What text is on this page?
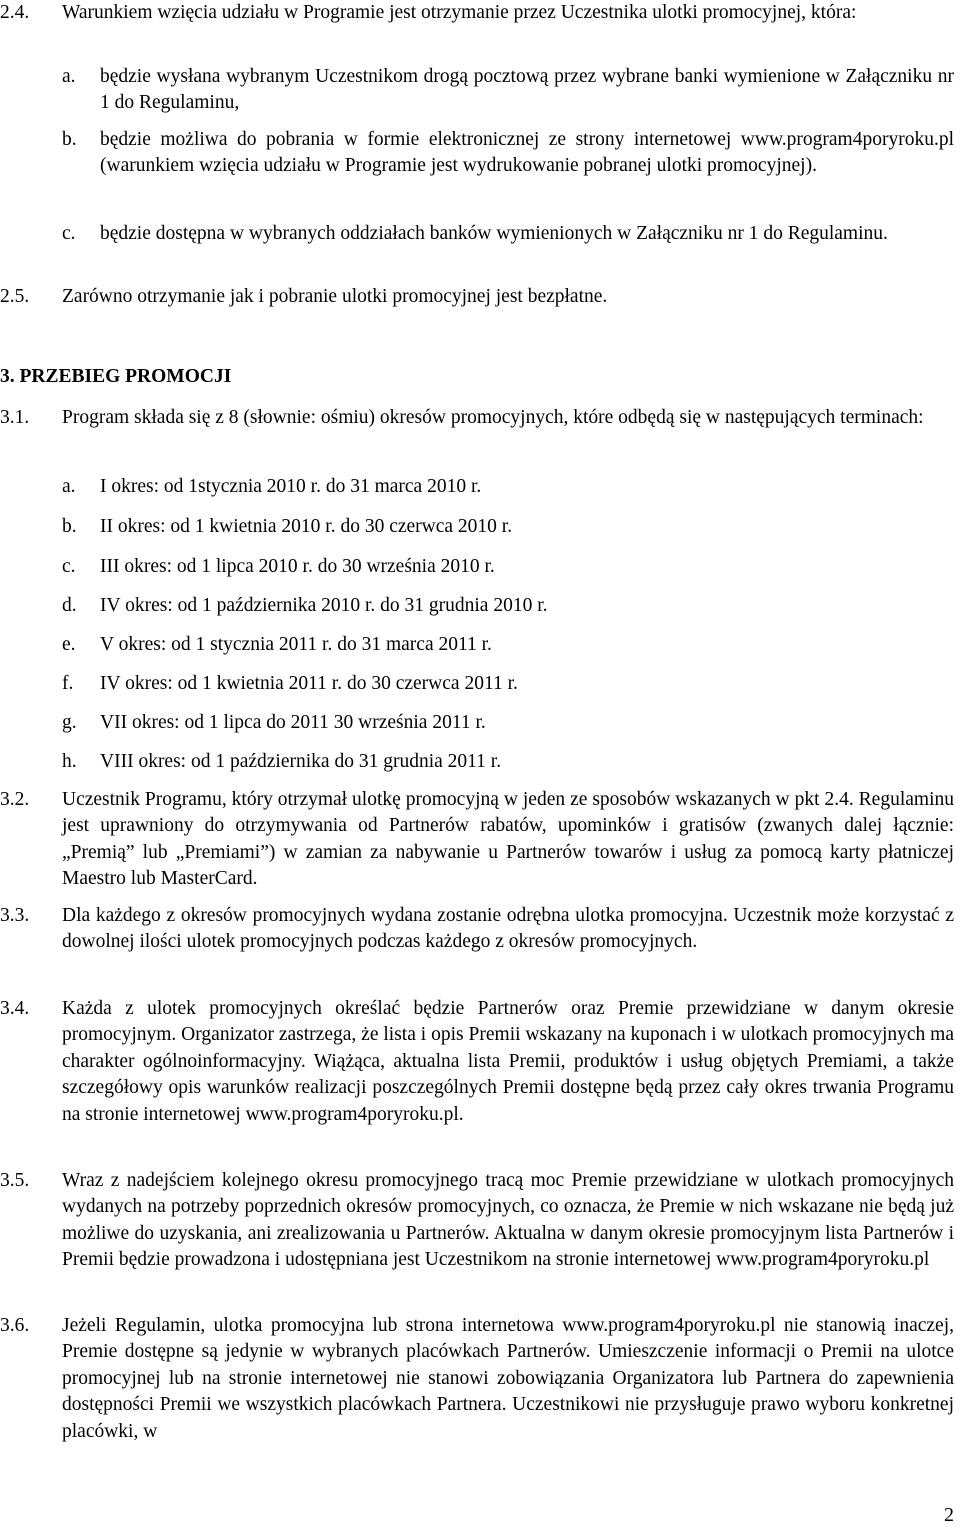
2.4. Warunkiem wzięcia udziału w Programie jest otrzymanie przez Uczestnika ulotki promocyjnej, która:
a. będzie wysłana wybranym Uczestnikom drogą pocztową przez wybrane banki wymienione w Załączniku nr 1 do Regulaminu,
b. będzie możliwa do pobrania w formie elektronicznej ze strony internetowej www.program4poryroku.pl (warunkiem wzięcia udziału w Programie jest wydrukowanie pobranej ulotki promocyjnej).
c. będzie dostępna w wybranych oddziałach banków wymienionych w Załączniku nr 1 do Regulaminu.
2.5. Zarówno otrzymanie jak i pobranie ulotki promocyjnej jest bezpłatne.
3. PRZEBIEG PROMOCJI
3.1. Program składa się z 8 (słownie: ośmiu) okresów promocyjnych, które odbędą się w następujących terminach:
a. I okres: od 1stycznia 2010 r. do 31 marca 2010 r.
b. II okres: od 1 kwietnia 2010 r. do 30 czerwca 2010 r.
c. III okres: od 1 lipca 2010 r. do 30 września 2010 r.
d. IV okres: od 1 października 2010 r. do 31 grudnia 2010 r.
e. V okres: od 1 stycznia 2011 r. do 31 marca 2011 r.
f. IV okres: od 1 kwietnia 2011 r. do 30 czerwca 2011 r.
g. VII okres: od 1 lipca do 2011 30 września 2011 r.
h. VIII okres: od 1 października do 31 grudnia 2011 r.
3.2. Uczestnik Programu, który otrzymał ulotkę promocyjną w jeden ze sposobów wskazanych w pkt 2.4. Regulaminu jest uprawniony do otrzymywania od Partnerów rabatów, upominków i gratisów (zwanych dalej łącznie: „Premią” lub „Premiami”) w zamian za nabywanie u Partnerów towarów i usług za pomocą karty płatniczej Maestro lub MasterCard.
3.3. Dla każdego z okresów promocyjnych wydana zostanie odrębna ulotka promocyjna. Uczestnik może korzystać z dowolnej ilości ulotek promocyjnych podczas każdego z okresów promocyjnych.
3.4. Każda z ulotek promocyjnych określać będzie Partnerów oraz Premie przewidziane w danym okresie promocyjnym. Organizator zastrzega, że lista i opis Premii wskazany na kuponach i w ulotkach promocyjnych ma charakter ogólnoinformacyjny. Wiążąca, aktualna lista Premii, produktów i usług objętych Premiami, a także szczegółowy opis warunków realizacji poszczególnych Premii dostępne będą przez cały okres trwania Programu na stronie internetowej www.program4poryroku.pl.
3.5. Wraz z nadejściem kolejnego okresu promocyjnego tracą moc Premie przewidziane w ulotkach promocyjnych wydanych na potrzeby poprzednich okresów promocyjnych, co oznacza, że Premie w nich wskazane nie będą już możliwe do uzyskania, ani zrealizowania u Partnerów. Aktualna w danym okresie promocyjnym lista Partnerów i Premii będzie prowadzona i udostępniana jest Uczestnikom na stronie internetowej www.program4poryroku.pl
3.6. Jeżeli Regulamin, ulotka promocyjna lub strona internetowa www.program4poryroku.pl nie stanowią inaczej, Premie dostępne są jedynie w wybranych placówkach Partnerów. Umieszczenie informacji o Premii na ulotce promocyjnej lub na stronie internetowej nie stanowi zobowiązania Organizatora lub Partnera do zapewnienia dostępności Premii we wszystkich placówkach Partnera. Uczestnikowi nie przysługuje prawo wyboru konkretnej placówki, w
2
